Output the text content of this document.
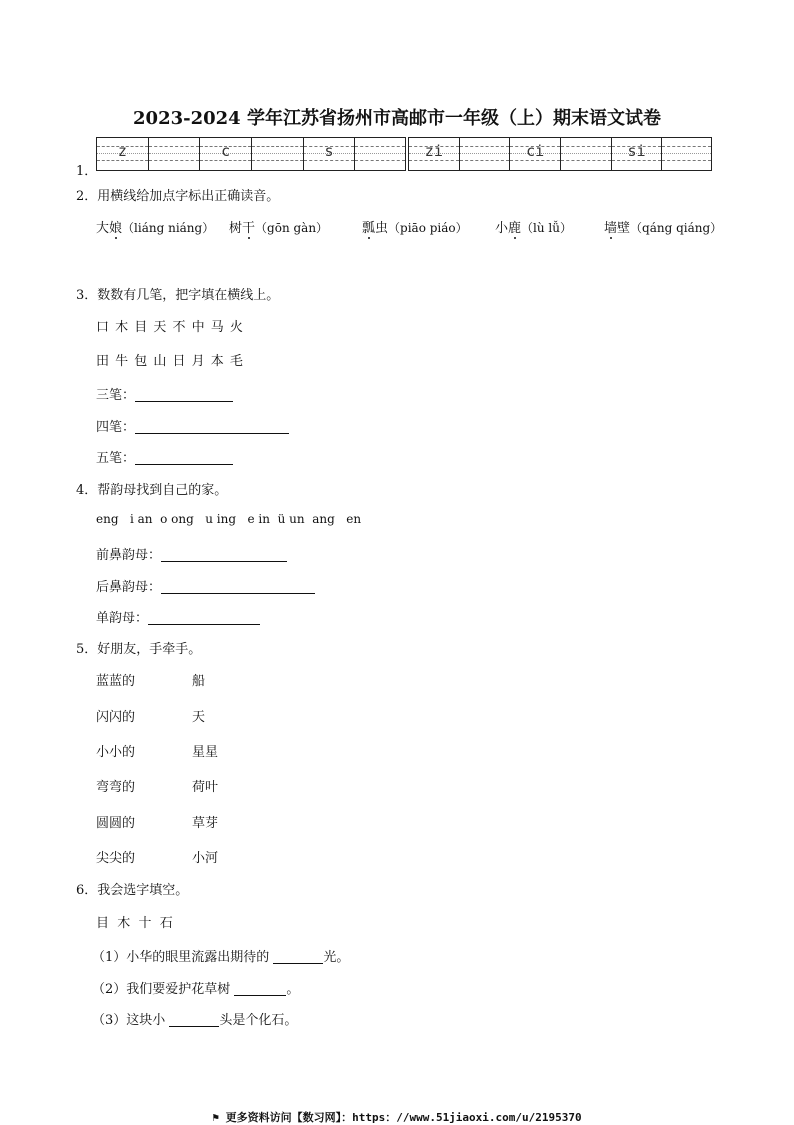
2023-2024 学年江苏省扬州市高邮市一年级（上）期末语文试卷
1．
z	c	s	zi	ci	si
2．用横线给加点字标出正确读音。
大娘（liáng niáng） 树干（gōn gàn）	瓢虫（piāo piáo） 小鹿（lù lǚ） 墙壁（qáng qiáng）
3．数数有几笔，把字填在横线上。
口 木 目 天 不 中 马 火
田 牛 包 山 日 月 本 毛
三笔：
四笔：
五笔：
4．帮韵母找到自己的家。
eng   i an  o ong   u ing   e in  ü un  ang   en
前鼻韵母：
后鼻韵母：
单韵母：
5．好朋友，手牵手。
蓝蓝的	船
闪闪的	天
小小的	星星
弯弯的	荷叶
圆圆的	草芽
尖尖的	小河
6．我会选字填空。
目  木  十  石
（1）小华的眼里流露出期待的	光。
（2）我们要爱护花草树	。
（3）这块小	头是个化石。
⚑ 更多资料访问【数习网】：https：//www.51jiaoxi.com/u/2195370
